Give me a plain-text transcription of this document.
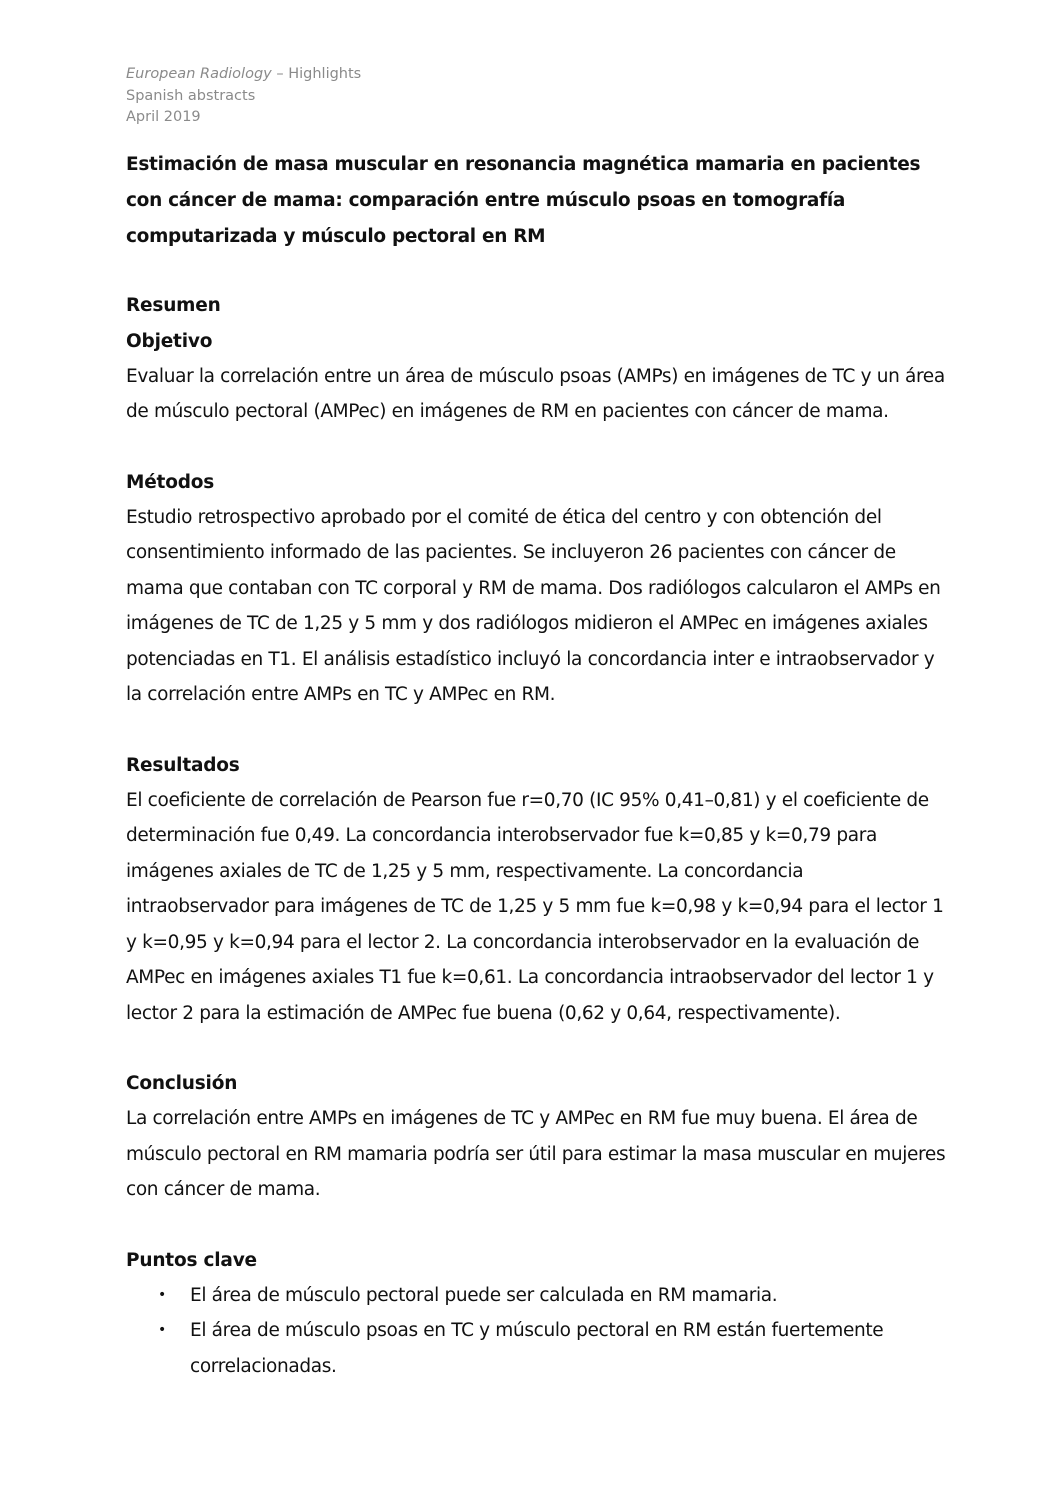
European Radiology – Highlights
Spanish abstracts
April 2019
Estimación de masa muscular en resonancia magnética mamaria en pacientes con cáncer de mama: comparación entre músculo psoas en tomografía computarizada y músculo pectoral en RM
Resumen
Objetivo

Evaluar la correlación entre un área de músculo psoas (AMPs) en imágenes de TC y un área de músculo pectoral (AMPec) en imágenes de RM en pacientes con cáncer de mama.

Métodos

Estudio retrospectivo aprobado por el comité de ética del centro y con obtención del consentimiento informado de las pacientes. Se incluyeron 26 pacientes con cáncer de mama que contaban con TC corporal y RM de mama. Dos radiólogos calcularon el AMPs en imágenes de TC de 1,25 y 5 mm y dos radiólogos midieron el AMPec en imágenes axiales potenciadas en T1. El análisis estadístico incluyó la concordancia inter e intraobservador y la correlación entre AMPs en TC y AMPec en RM.

Resultados

El coeficiente de correlación de Pearson fue r=0,70 (IC 95% 0,41–0,81) y el coeficiente de determinación fue 0,49. La concordancia interobservador fue k=0,85 y k=0,79 para imágenes axiales de TC de 1,25 y 5 mm, respectivamente. La concordancia intraobservador para imágenes de TC de 1,25 y 5 mm fue k=0,98 y k=0,94 para el lector 1 y k=0,95 y k=0,94 para el lector 2. La concordancia interobservador en la evaluación de AMPec en imágenes axiales T1 fue k=0,61. La concordancia intraobservador del lector 1 y lector 2 para la estimación de AMPec fue buena (0,62 y 0,64, respectivamente).

Conclusión

La correlación entre AMPs en imágenes de TC y AMPec en RM fue muy buena. El área de músculo pectoral en RM mamaria podría ser útil para estimar la masa muscular en mujeres con cáncer de mama.

Puntos clave
• El área de músculo pectoral puede ser calculada en RM mamaria.
• El área de músculo psoas en TC y músculo pectoral en RM están fuertemente correlacionadas.
